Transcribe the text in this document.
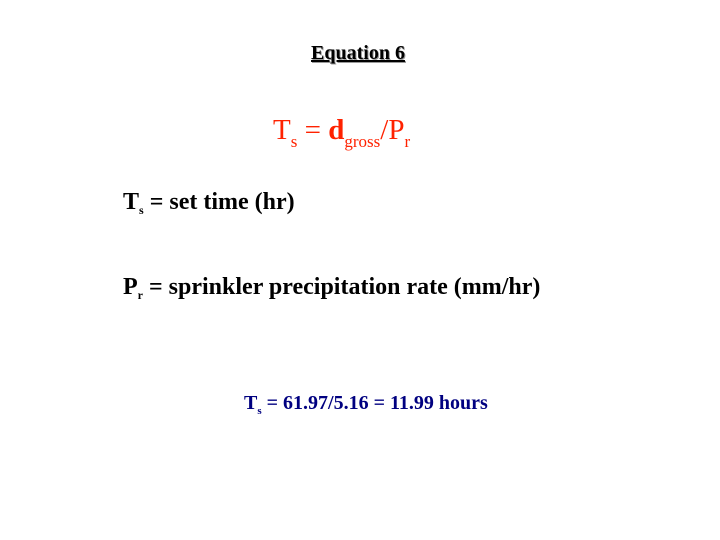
Equation 6
$T_s = d_{gross}/P_r$
$T_s$ = set time (hr)
$P_r$ = sprinkler precipitation rate (mm/hr)
$T_s = 61.97/5.16 = 11.99$ hours
